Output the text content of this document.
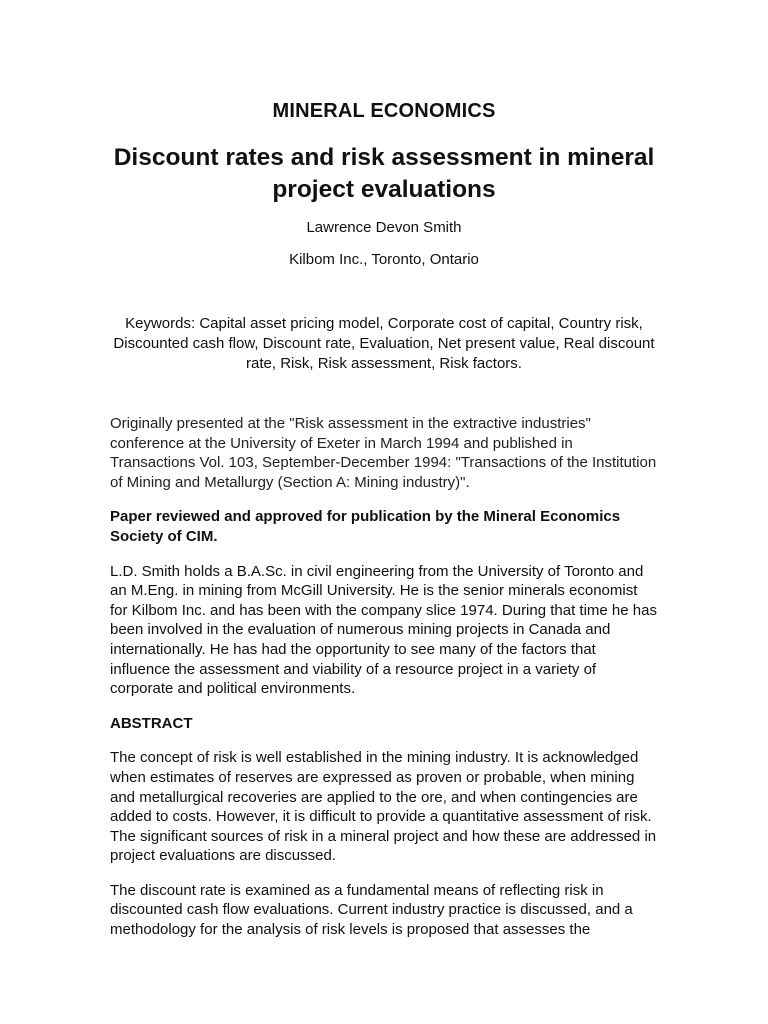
MINERAL ECONOMICS
Discount rates and risk assessment in mineral project evaluations
Lawrence Devon Smith
Kilbom Inc., Toronto, Ontario
Keywords: Capital asset pricing model, Corporate cost of capital, Country risk, Discounted cash flow, Discount rate, Evaluation, Net present value, Real discount rate, Risk, Risk assessment, Risk factors.

Originally presented at the "Risk assessment in the extractive industries" conference at the University of Exeter in March 1994 and published in Transactions Vol. 103, September-December 1994: "Transactions of the Institution of Mining and Metallurgy (Section A: Mining industry)".

Paper reviewed and approved for publication by the Mineral Economics Society of CIM.

L.D. Smith holds a B.A.Sc. in civil engineering from the University of Toronto and an M.Eng. in mining from McGill University. He is the senior minerals economist for Kilbom Inc. and has been with the company slice 1974. During that time he has been involved in the evaluation of numerous mining projects in Canada and internationally. He has had the opportunity to see many of the factors that influence the assessment and viability of a resource project in a variety of corporate and political environments.

ABSTRACT

The concept of risk is well established in the mining industry. It is acknowledged when estimates of reserves are expressed as proven or probable, when mining and metallurgical recoveries are applied to the ore, and when contingencies are added to costs. However, it is difficult to provide a quantitative assessment of risk. The significant sources of risk in a mineral project and how these are addressed in project evaluations are discussed.

The discount rate is examined as a fundamental means of reflecting risk in discounted cash flow evaluations. Current industry practice is discussed, and a methodology for the analysis of risk levels is proposed that assesses the
